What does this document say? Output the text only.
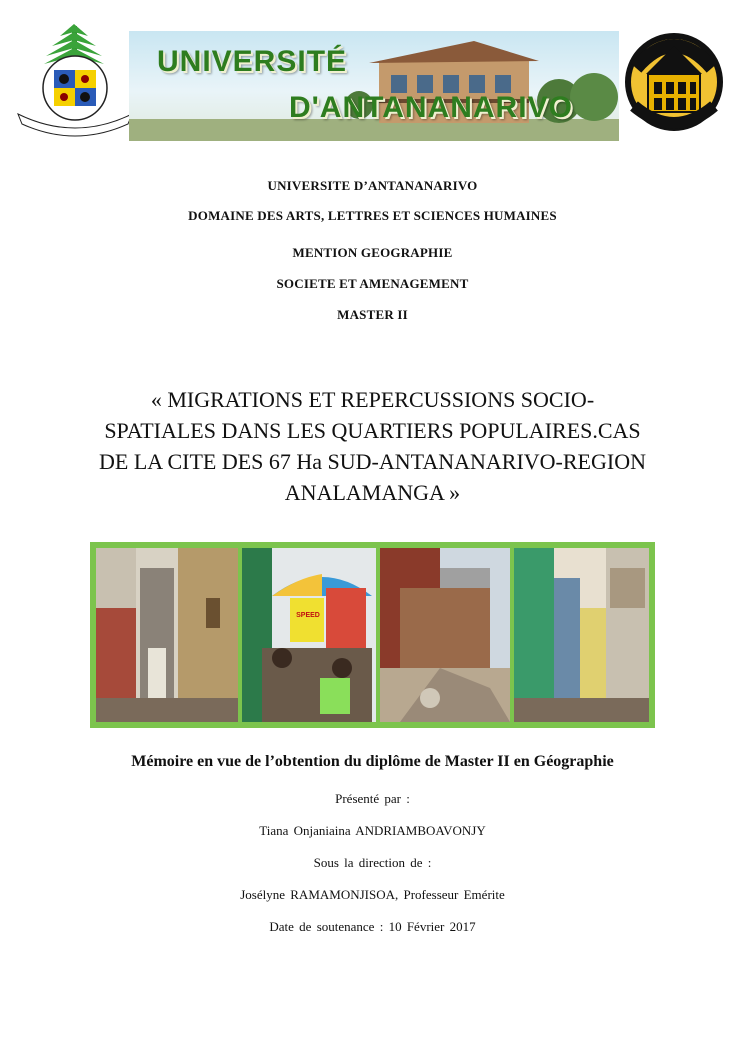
UNIVERSITÉ
D'ANTANANARIVO
UNIVERSITE D’ANTANANARIVO
DOMAINE DES ARTS, LETTRES ET SCIENCES HUMAINES
MENTION GEOGRAPHIE
SOCIETE ET AMENAGEMENT
MASTER II
« MIGRATIONS ET REPERCUSSIONS SOCIO-
SPATIALES DANS LES QUARTIERS POPULAIRES.CAS
DE LA CITE DES 67 Ha SUD-ANTANANARIVO-REGION
ANALAMANGA »
SPEED
Mémoire en vue de l’obtention du diplôme de Master II en Géographie
Présenté par :
Tiana Onjaniaina ANDRIAMBOAVONJY
Sous la direction de :
Josélyne RAMAMONJISOA, Professeur Emérite
Date de soutenance : 10 Février 2017
